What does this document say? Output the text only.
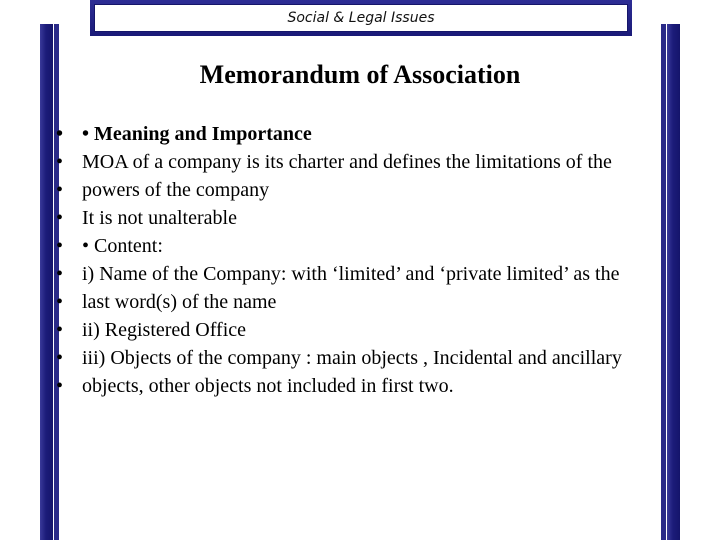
Social & Legal Issues
Memorandum of Association
• • Meaning and Importance
• MOA of a company is its charter and defines the limitations of the
• powers of the company
• It is not unalterable
• • Content:
• i) Name of the Company: with ‘limited’ and ‘private limited’ as the
• last word(s) of the name
• ii) Registered Office
• iii) Objects of the company : main objects , Incidental and ancillary
• objects, other objects not included in first two.
